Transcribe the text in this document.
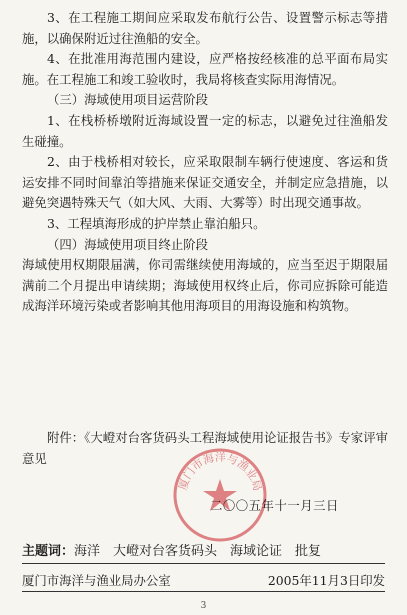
3、在工程施工期间应采取发布航行公告、设置警示标志等措施，以确保附近过往渔船的安全。

4、在批准用海范围内建设，应严格按经核准的总平面布局实施。在工程施工和竣工验收时，我局将核查实际用海情况。

（三）海域使用项目运营阶段

1、在栈桥桥墩附近海域设置一定的标志，以避免过往渔船发生碰撞。

2、由于栈桥相对较长，应采取限制车辆行使速度、客运和货运安排不同时间靠泊等措施来保证交通安全，并制定应急措施，以避免突遇特殊天气（如大风、大雨、大雾等）时出现交通事故。

3、工程填海形成的护岸禁止靠泊船只。

（四）海域使用项目终止阶段

海域使用权期限届满，你司需继续使用海域的，应当至迟于期限届满前二个月提出申请续期；海域使用权终止后，你司应拆除可能造成海洋环境污染或者影响其他用海项目的用海设施和构筑物。

附件：《大嶝对台客货码头工程海域使用论证报告书》专家评审意见

厦门市海洋与渔业局
二〇〇五年十一月三日
主题词：海洋　大嶝对台客货码头　海域论证　批复
厦门市海洋与渔业局办公室	2005年11月3日印发
3
